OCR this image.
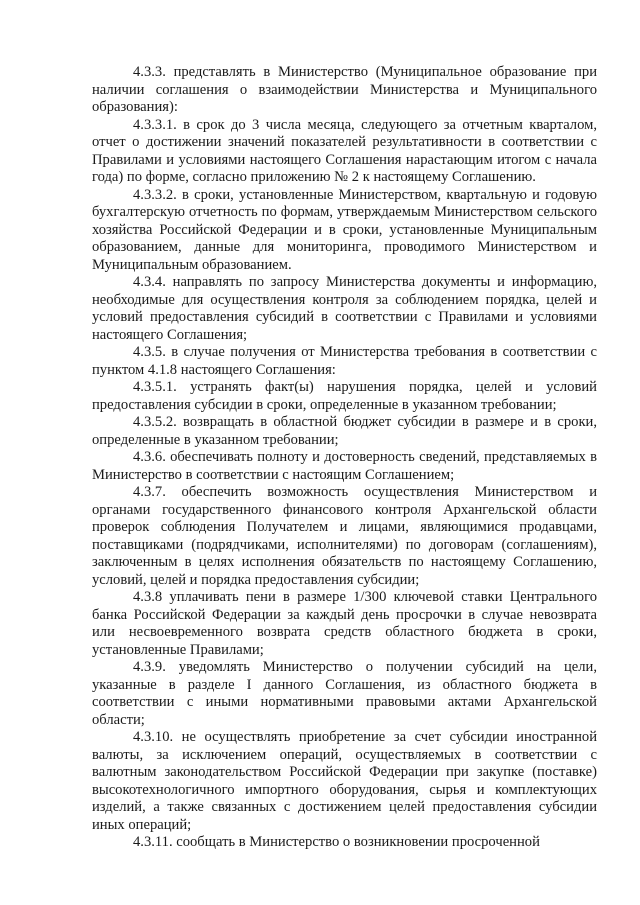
4.3.3. представлять в Министерство (Муниципальное образование при наличии соглашения о взаимодействии Министерства и Муниципального образования):

4.3.3.1. в срок до 3 числа месяца, следующего за отчетным кварталом, отчет о достижении значений показателей результативности в соответствии с Правилами и условиями настоящего Соглашения нарастающим итогом с начала года) по форме, согласно приложению № 2 к настоящему Соглашению.

4.3.3.2. в сроки, установленные Министерством, квартальную и годовую бухгалтерскую отчетность по формам, утверждаемым Министерством сельского хозяйства Российской Федерации и в сроки, установленные Муниципальным образованием, данные для мониторинга, проводимого Министерством и Муниципальным образованием.

4.3.4. направлять по запросу Министерства документы и информацию, необходимые для осуществления контроля за соблюдением порядка, целей и условий предоставления субсидий в соответствии с Правилами и условиями настоящего Соглашения;

4.3.5. в случае получения от Министерства требования в соответствии с пунктом 4.1.8 настоящего Соглашения:

4.3.5.1. устранять факт(ы) нарушения порядка, целей и условий предоставления субсидии в сроки, определенные в указанном требовании;

4.3.5.2. возвращать в областной бюджет субсидии в размере и в сроки, определенные в указанном требовании;

4.3.6. обеспечивать полноту и достоверность сведений, представляемых в Министерство в соответствии с настоящим Соглашением;

4.3.7. обеспечить возможность осуществления Министерством и органами государственного финансового контроля Архангельской области проверок соблюдения Получателем и лицами, являющимися продавцами, поставщиками (подрядчиками, исполнителями) по договорам (соглашениям), заключенным в целях исполнения обязательств по настоящему Соглашению, условий, целей и порядка предоставления субсидии;

4.3.8 уплачивать пени в размере 1/300 ключевой ставки Центрального банка Российской Федерации за каждый день просрочки в случае невозврата или несвоевременного возврата средств областного бюджета в сроки, установленные Правилами;

4.3.9. уведомлять Министерство о получении субсидий на цели, указанные в разделе I данного Соглашения, из областного бюджета в соответствии с иными нормативными правовыми актами Архангельской области;

4.3.10. не осуществлять приобретение за счет субсидии иностранной валюты, за исключением операций, осуществляемых в соответствии с валютным законодательством Российской Федерации при закупке (поставке) высокотехнологичного импортного оборудования, сырья и комплектующих изделий, а также связанных с достижением целей предоставления субсидии иных операций;

4.3.11. сообщать в Министерство о возникновении просроченной
